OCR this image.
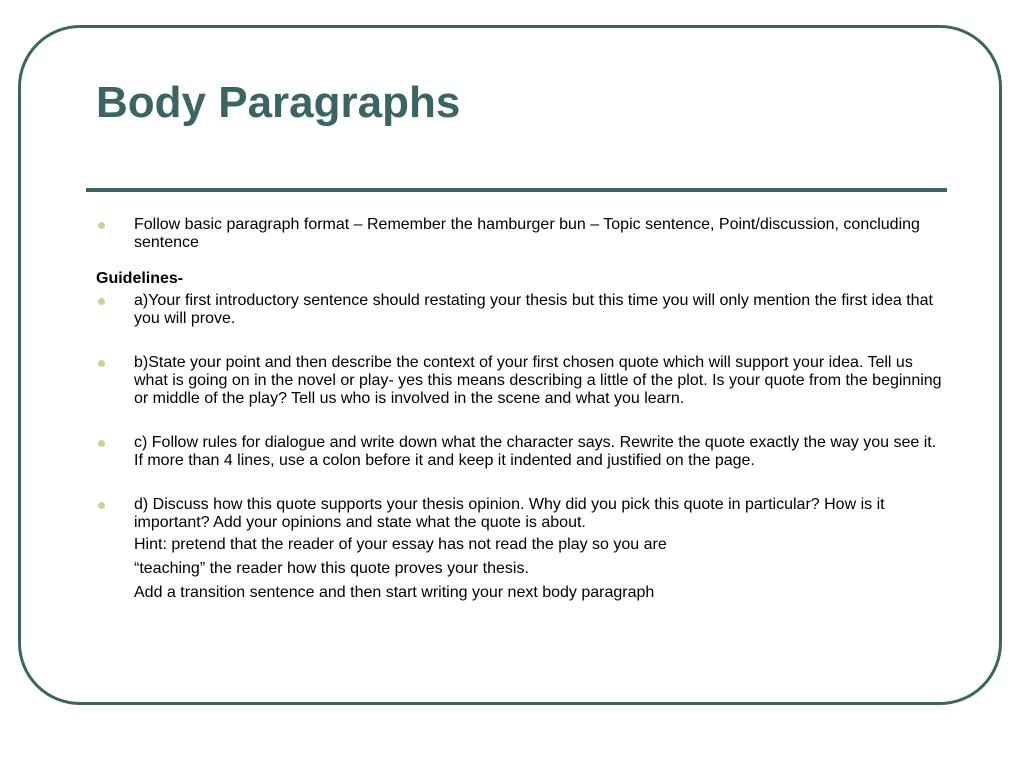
Body Paragraphs
Follow basic paragraph format – Remember the hamburger bun – Topic sentence, Point/discussion, concluding sentence
Guidelines-
a)Your first introductory sentence should restating your thesis but this time you will only mention the first idea that you will prove.
b)State your point and then describe the context of your first chosen quote which will support your idea. Tell us what is going on in the novel or play- yes this means describing a little of the plot. Is your quote from the beginning or middle of the play? Tell us who is involved in the scene and what you learn.
c) Follow rules for dialogue and write down what the character says. Rewrite the quote exactly the way you see it. If more than 4 lines, use a colon before it and keep it indented and justified on the page.
d) Discuss how this quote supports your thesis opinion. Why did you pick this quote in particular? How is it important? Add your opinions and state what the quote is about.
Hint: pretend that the reader of your essay has not read the play so you are
“teaching” the reader how this quote proves your thesis.
Add a transition sentence and then start writing your next body paragraph
